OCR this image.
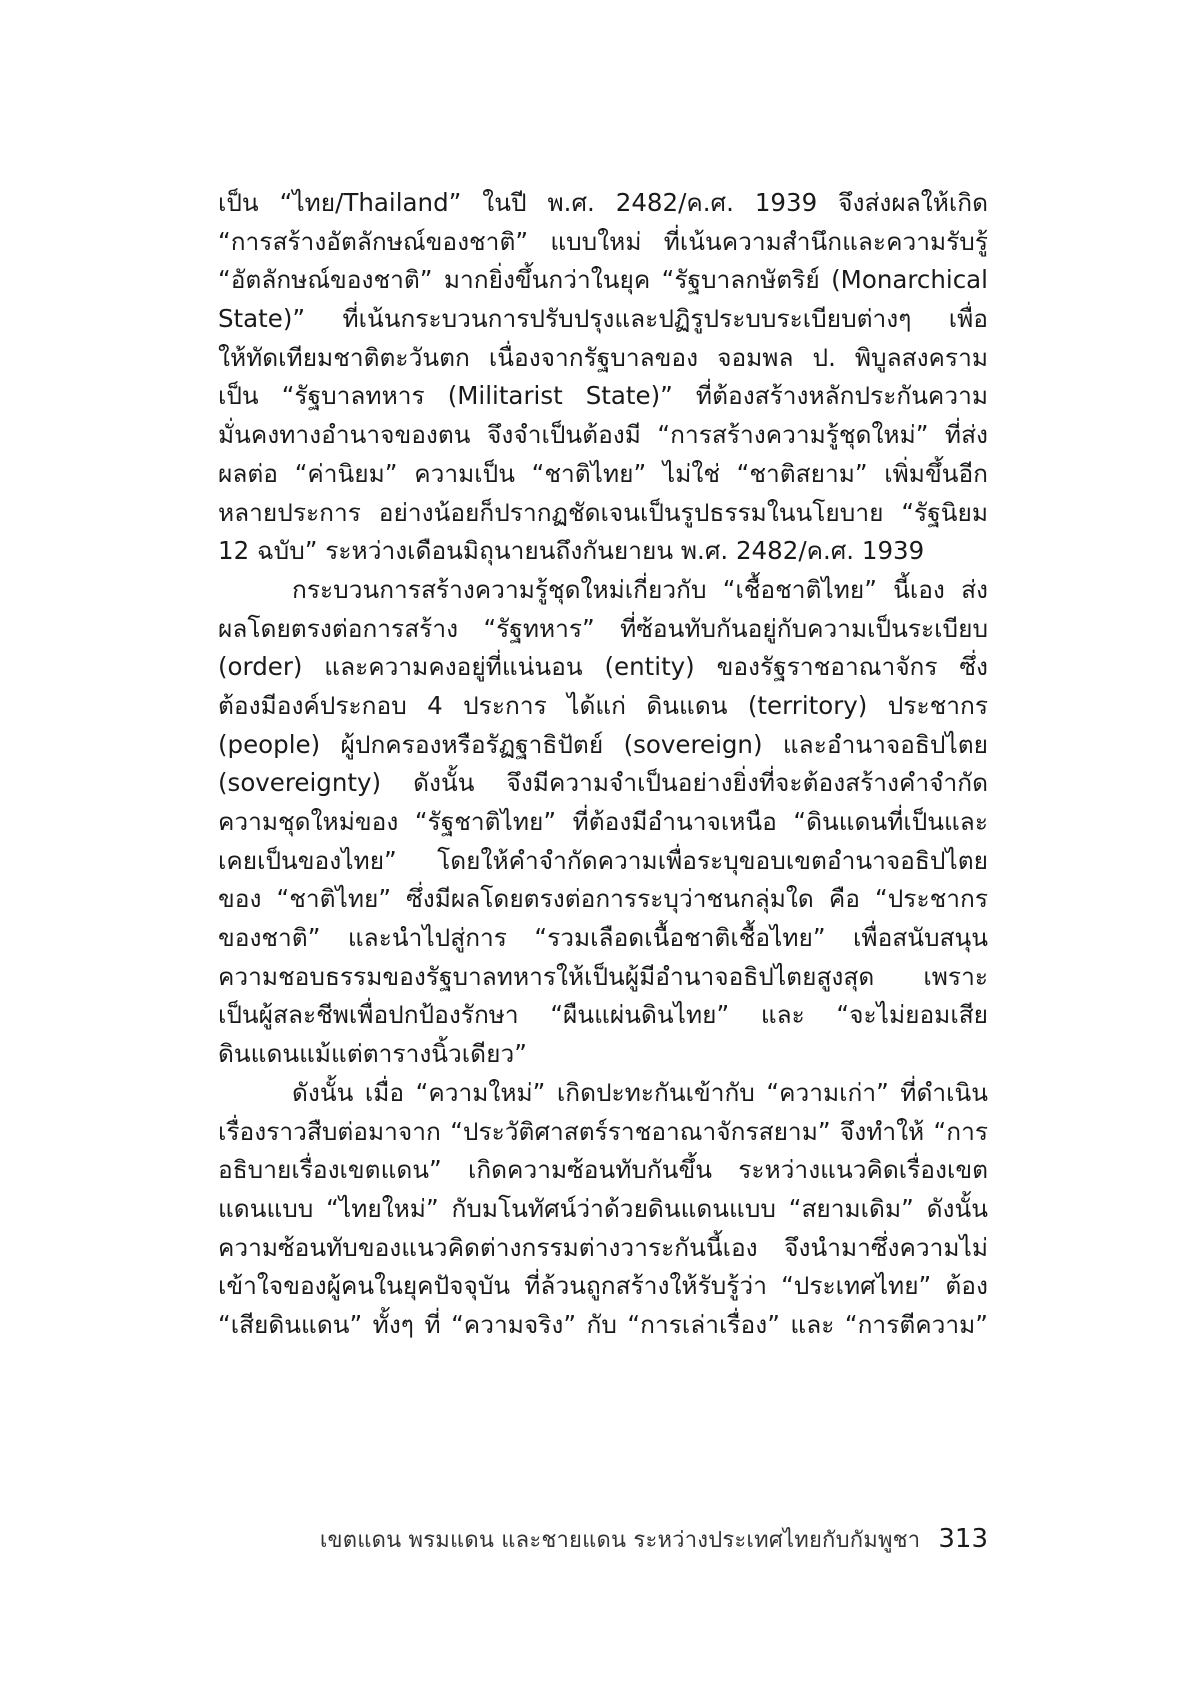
เป็น “ไทย/Thailand” ในปี พ.ศ. 2482/ค.ศ. 1939 จึงส่งผลให้เกิด
“การสร้างอัตลักษณ์ของชาติ” แบบใหม่ ที่เน้นความสำนึกและความรับรู้
“อัตลักษณ์ของชาติ” มากยิ่งขึ้นกว่าในยุค “รัฐบาลกษัตริย์ (Monarchical
State)” ที่เน้นกระบวนการปรับปรุงและปฏิรูประบบระเบียบต่างๆ เพื่อ
ให้ทัดเทียมชาติตะวันตก เนื่องจากรัฐบาลของ จอมพล ป. พิบูลสงคราม
เป็น “รัฐบาลทหาร (Militarist State)” ที่ต้องสร้างหลักประกันความ
มั่นคงทางอำนาจของตน จึงจำเป็นต้องมี “การสร้างความรู้ชุดใหม่” ที่ส่ง
ผลต่อ “ค่านิยม” ความเป็น “ชาติไทย” ไม่ใช่ “ชาติสยาม” เพิ่มขึ้นอีก
หลายประการ อย่างน้อยก็ปรากฏชัดเจนเป็นรูปธรรมในนโยบาย “รัฐนิยม
12 ฉบับ” ระหว่างเดือนมิถุนายนถึงกันยายน พ.ศ. 2482/ค.ศ. 1939
กระบวนการสร้างความรู้ชุดใหม่เกี่ยวกับ “เชื้อชาติไทย” นี้เอง ส่ง
ผลโดยตรงต่อการสร้าง “รัฐทหาร” ที่ซ้อนทับกันอยู่กับความเป็นระเบียบ
(order) และความคงอยู่ที่แน่นอน (entity) ของรัฐราชอาณาจักร ซึ่ง
ต้องมีองค์ประกอบ 4 ประการ ได้แก่ ดินแดน (territory) ประชากร
(people) ผู้ปกครองหรือรัฏฐาธิปัตย์ (sovereign) และอำนาจอธิปไตย
(sovereignty) ดังนั้น จึงมีความจำเป็นอย่างยิ่งที่จะต้องสร้างคำจำกัด
ความชุดใหม่ของ “รัฐชาติไทย” ที่ต้องมีอำนาจเหนือ “ดินแดนที่เป็นและ
เคยเป็นของไทย” โดยให้คำจำกัดความเพื่อระบุขอบเขตอำนาจอธิปไตย
ของ “ชาติไทย” ซึ่งมีผลโดยตรงต่อการระบุว่าชนกลุ่มใด คือ “ประชากร
ของชาติ” และนำไปสู่การ “รวมเลือดเนื้อชาติเชื้อไทย” เพื่อสนับสนุน
ความชอบธรรมของรัฐบาลทหารให้เป็นผู้มีอำนาจอธิปไตยสูงสุด เพราะ
เป็นผู้สละชีพเพื่อปกป้องรักษา “ผืนแผ่นดินไทย” และ “จะไม่ยอมเสีย
ดินแดนแม้แต่ตารางนิ้วเดียว”
ดังนั้น เมื่อ “ความใหม่” เกิดปะทะกันเข้ากับ “ความเก่า” ที่ดำเนิน
เรื่องราวสืบต่อมาจาก “ประวัติศาสตร์ราชอาณาจักรสยาม” จึงทำให้ “การ
อธิบายเรื่องเขตแดน” เกิดความซ้อนทับกันขึ้น ระหว่างแนวคิดเรื่องเขต
แดนแบบ “ไทยใหม่” กับมโนทัศน์ว่าด้วยดินแดนแบบ “สยามเดิม” ดังนั้น
ความซ้อนทับของแนวคิดต่างกรรมต่างวาระกันนี้เอง จึงนำมาซึ่งความไม่
เข้าใจของผู้คนในยุคปัจจุบัน ที่ล้วนถูกสร้างให้รับรู้ว่า “ประเทศไทย” ต้อง
“เสียดินแดน” ทั้งๆ ที่ “ความจริง” กับ “การเล่าเรื่อง” และ “การตีความ”
เขตแดน พรมแดน และชายแดน ระหว่างประเทศไทยกับกัมพูชา 313
